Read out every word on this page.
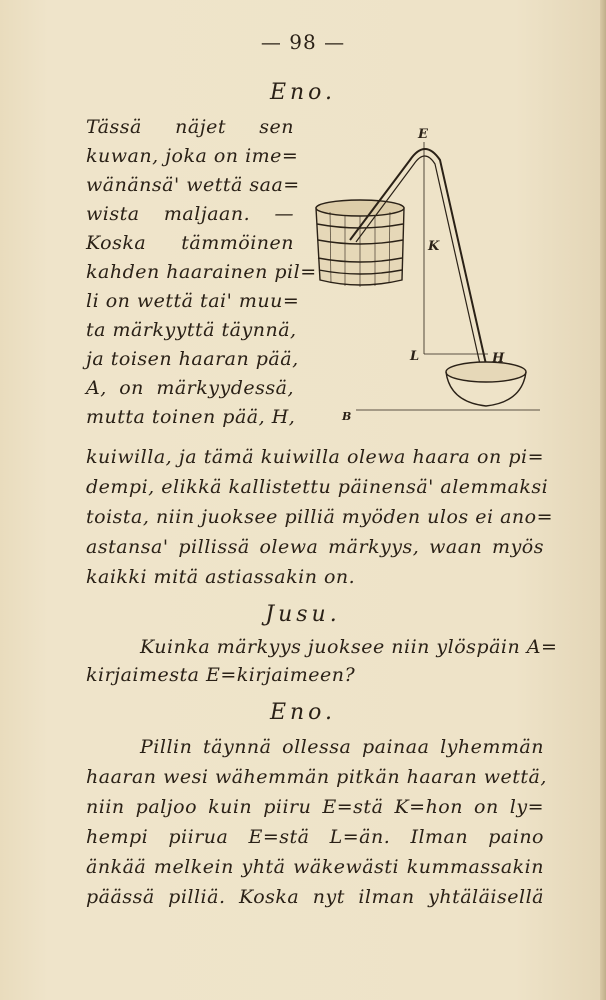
— 98 —
Eno.
Tässä näjet sen
kuwan, joka on ime=
wänänsä' wettä saa=
wista maljaan. —
Koska tämmöinen
kahden haarainen pil=
li on wettä tai' muu=
ta märkyyttä täynnä,
ja toisen haaran pää,
A, on märkyydessä,
mutta toinen pää, H,
kuiwilla, ja tämä kuiwilla olewa haara on pi=
dempi, elikkä kallistettu päinensä' alemmaksi
toista, niin juoksee pilliä myöden ulos ei ano=
astansa' pillissä olewa märkyys, waan myös
kaikki mitä astiassakin on.
Jusu.
Kuinka märkyys juoksee niin ylöspäin A=
kirjaimesta E=kirjaimeen?
Eno.
Pillin täynnä ollessa painaa lyhemmän
haaran wesi wähemmän pitkän haaran wettä,
niin paljoo kuin piiru E=stä K=hon on ly=
hempi piirua E=stä L=än. Ilman paino
änkää melkein yhtä wäkewästi kummassakin
päässä pilliä. Koska nyt ilman yhtäläisellä
E
K
L	H
B
